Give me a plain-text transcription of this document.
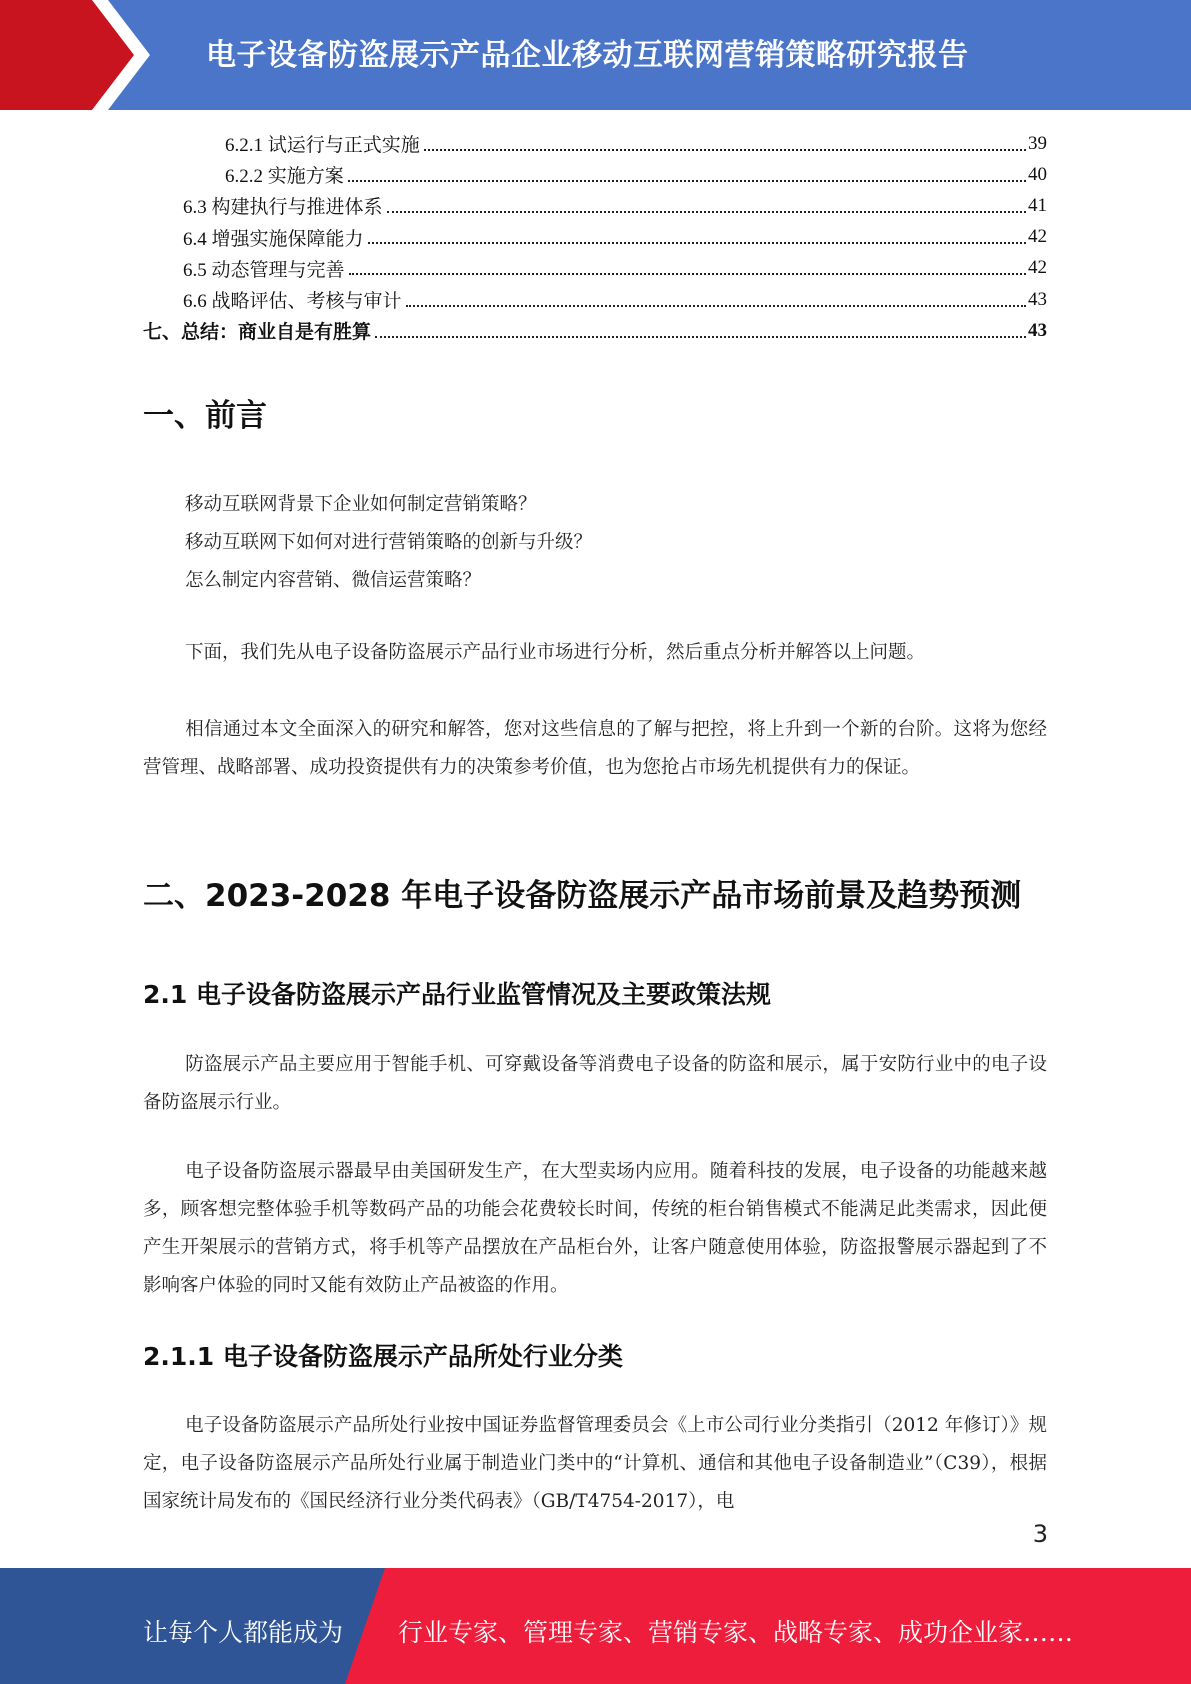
电子设备防盗展示产品企业移动互联网营销策略研究报告
6.2.1 试运行与正式实施	39
6.2.2 实施方案	40
6.3 构建执行与推进体系	41
6.4 增强实施保障能力	42
6.5 动态管理与完善	42
6.6 战略评估、考核与审计	43
七、总结：商业自是有胜算	43
一、前言
移动互联网背景下企业如何制定营销策略？
移动互联网下如何对进行营销策略的创新与升级？
怎么制定内容营销、微信运营策略？
下面，我们先从电子设备防盗展示产品行业市场进行分析，然后重点分析并解答以上问题。
相信通过本文全面深入的研究和解答，您对这些信息的了解与把控，将上升到一个新的台阶。这将为您经营管理、战略部署、成功投资提供有力的决策参考价值，也为您抢占市场先机提供有力的保证。
二、2023-2028 年电子设备防盗展示产品市场前景及趋势预测
2.1 电子设备防盗展示产品行业监管情况及主要政策法规
防盗展示产品主要应用于智能手机、可穿戴设备等消费电子设备的防盗和展示，属于安防行业中的电子设备防盗展示行业。
电子设备防盗展示器最早由美国研发生产，在大型卖场内应用。随着科技的发展，电子设备的功能越来越多，顾客想完整体验手机等数码产品的功能会花费较长时间，传统的柜台销售模式不能满足此类需求，因此便产生开架展示的营销方式，将手机等产品摆放在产品柜台外，让客户随意使用体验，防盗报警展示器起到了不影响客户体验的同时又能有效防止产品被盗的作用。
2.1.1 电子设备防盗展示产品所处行业分类
电子设备防盗展示产品所处行业按中国证券监督管理委员会《上市公司行业分类指引（2012 年修订）》规定，电子设备防盗展示产品所处行业属于制造业门类中的“计算机、通信和其他电子设备制造业”（C39），根据国家统计局发布的《国民经济行业分类代码表》（GB/T4754-2017），电
3
让每个人都能成为 行业专家、管理专家、营销专家、战略专家、成功企业家……
